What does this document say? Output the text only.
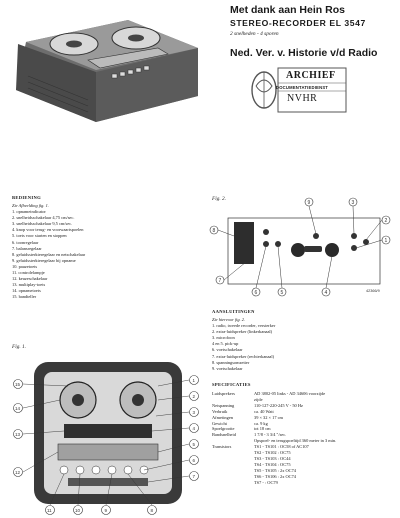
Met dank aan Hein Ros
STEREO-RECORDER EL 3547
2 snelheden - 4 sporen
Ned. Ver. v. Historie v/d Radio
ARCHIEF
DOCUMENTATIEDIENST
NVHR
BEDIENING
Zie Afbeelding fig. 1.
1. opnameindicator
2. snelheidsschakelaar 4,75 cm/sec.
3. snelheidsschakelaar 9,5 cm/sec.
4. knop voor terug- en voorwaartspoelen
5. toets voor starten en stoppen
6. toonregelaar
7. balansregelaar
8. geluidssterkteregelaar en netschakelaar
9. geluidssterkteregelaar bij opname
10. pauzetoets
11. controlelampje
12. keuzeschakelaar
13. multiplay-toets
14. opnametoets
15. bandteller
Fig. 2.
9	3
2
1
8
7
6	5	4	42366/9
AANSLUITINGEN
Zie hiervoor fig. 2.
1. radio, tweede recorder, versterker
2. extra-luidspreker (linkerkanaal)
3. microfoon
4 en 5. pick-up
6. voetschakelaar
7. extra-luidspreker (rechterkanaal)
8. spanningsomzetter
9. voetschakelaar
SPECIFICATIES
Luidsprekers	AD 3802-05 links - AD 34606 voorzijde
	zijde
Netspanning	110-127-220-245 V - 50 Hz
Verbruik	ca. 40 Watt
Afmetingen	39 × 32 × 17 cm
Gewicht	ca. 9 kg
Spoelgrootte	tot 18 cm
Bandsnelheid	1 7/8 - 3 3/4 "/sec.
	Opspoel- en terugspoeltijd 360 meter in 3 min.
Transistors	TS1 - TS101 : OC58 of AC107
	TS2 - TS102 : OC75
	TS3 - TS103 : OC44
	TS4 - TS104 : OC75
	TS5 - TS105 : 2x OC74
	TS6 - TS106 : 2x OC74
	TS7 - : OC79
Fig. 1.
1
2
3
4
5
6
7
8
9
10
11
12
13
14
15
